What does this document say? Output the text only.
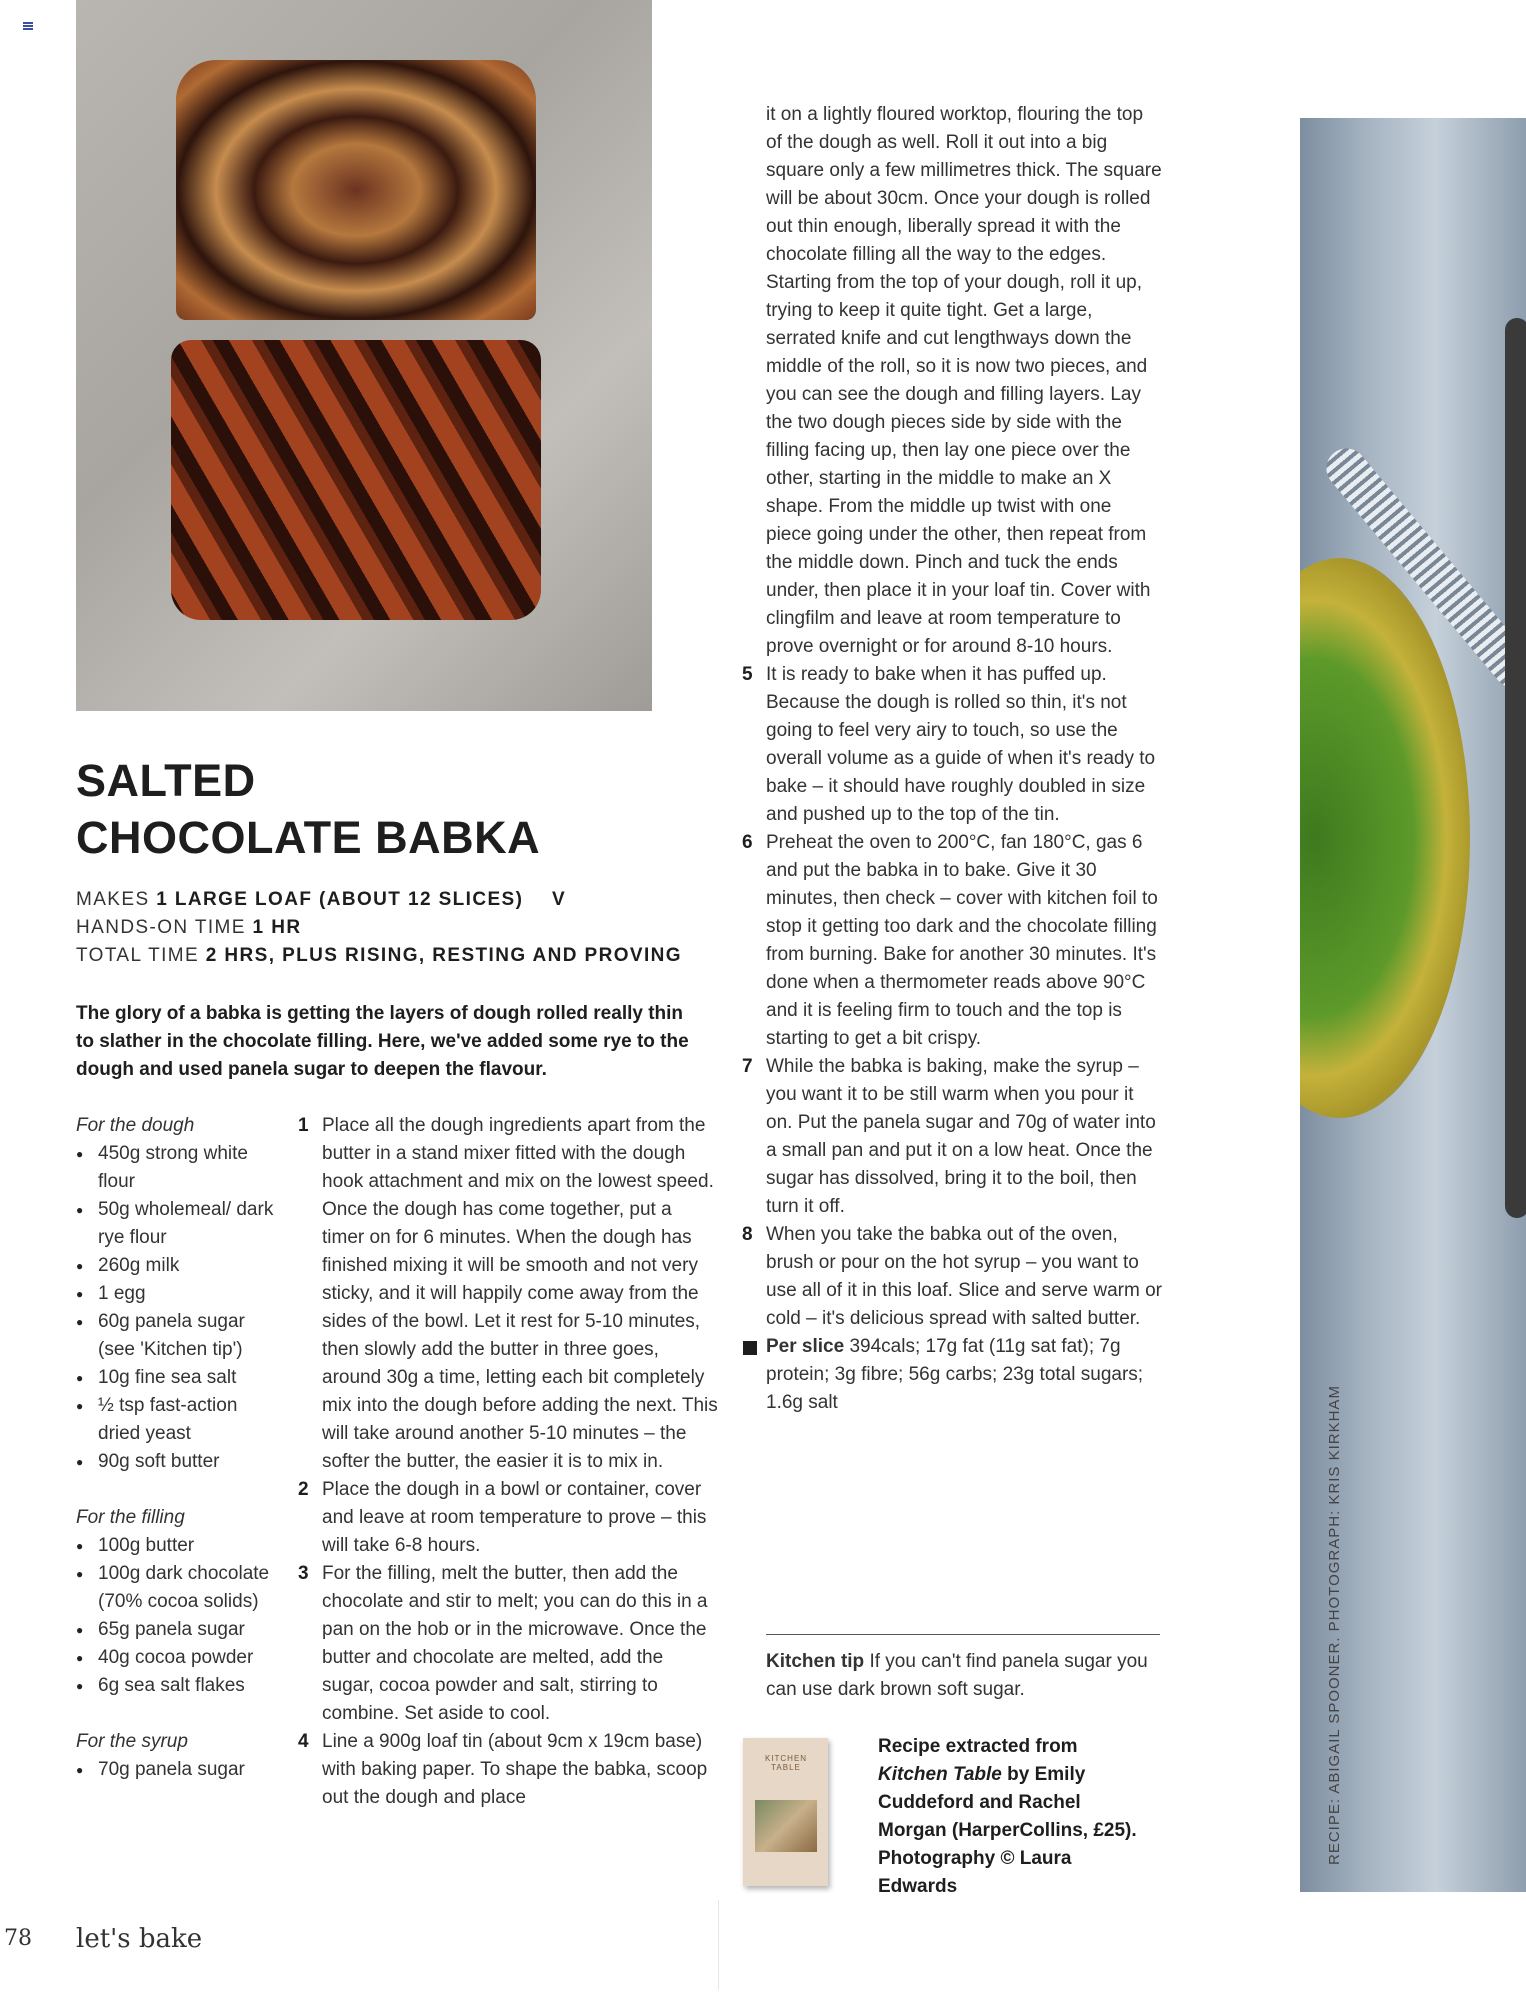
RECIPE: ABIGAIL SPOONER. PHOTOGRAPH: KRIS KIRKHAM
SALTED
CHOCOLATE BABKA
MAKES 1 LARGE LOAF (ABOUT 12 SLICES) V
HANDS-ON TIME 1 HR
TOTAL TIME 2 HRS, PLUS RISING, RESTING AND PROVING
The glory of a babka is getting the layers of dough rolled really thin to slather in the chocolate filling. Here, we've added some rye to the dough and used panela sugar to deepen the flavour.
For the dough
● 450g strong white flour
● 50g wholemeal/ dark rye flour
● 260g milk
● 1 egg
● 60g panela sugar (see 'Kitchen tip')
● 10g fine sea salt
● ½ tsp fast-action dried yeast
● 90g soft butter
For the filling
● 100g butter
● 100g dark chocolate (70% cocoa solids)
● 65g panela sugar
● 40g cocoa powder
● 6g sea salt flakes
For the syrup
● 70g panela sugar
1 Place all the dough ingredients apart from the butter in a stand mixer fitted with the dough hook attachment and mix on the lowest speed. Once the dough has come together, put a timer on for 6 minutes. When the dough has finished mixing it will be smooth and not very sticky, and it will happily come away from the sides of the bowl. Let it rest for 5-10 minutes, then slowly add the butter in three goes, around 30g a time, letting each bit completely mix into the dough before adding the next. This will take around another 5-10 minutes – the softer the butter, the easier it is to mix in.
2 Place the dough in a bowl or container, cover and leave at room temperature to prove – this will take 6-8 hours.
3 For the filling, melt the butter, then add the chocolate and stir to melt; you can do this in a pan on the hob or in the microwave. Once the butter and chocolate are melted, add the sugar, cocoa powder and salt, stirring to combine. Set aside to cool.
4 Line a 900g loaf tin (about 9cm x 19cm base) with baking paper. To shape the babka, scoop out the dough and place
it on a lightly floured worktop, flouring the top of the dough as well. Roll it out into a big square only a few millimetres thick. The square will be about 30cm. Once your dough is rolled out thin enough, liberally spread it with the chocolate filling all the way to the edges. Starting from the top of your dough, roll it up, trying to keep it quite tight. Get a large, serrated knife and cut lengthways down the middle of the roll, so it is now two pieces, and you can see the dough and filling layers. Lay the two dough pieces side by side with the filling facing up, then lay one piece over the other, starting in the middle to make an X shape. From the middle up twist with one piece going under the other, then repeat from the middle down. Pinch and tuck the ends under, then place it in your loaf tin. Cover with clingfilm and leave at room temperature to prove overnight or for around 8-10 hours.
5 It is ready to bake when it has puffed up. Because the dough is rolled so thin, it's not going to feel very airy to touch, so use the overall volume as a guide of when it's ready to bake – it should have roughly doubled in size and pushed up to the top of the tin.
6 Preheat the oven to 200°C, fan 180°C, gas 6 and put the babka in to bake. Give it 30 minutes, then check – cover with kitchen foil to stop it getting too dark and the chocolate filling from burning. Bake for another 30 minutes. It's done when a thermometer reads above 90°C and it is feeling firm to touch and the top is starting to get a bit crispy.
7 While the babka is baking, make the syrup – you want it to be still warm when you pour it on. Put the panela sugar and 70g of water into a small pan and put it on a low heat. Once the sugar has dissolved, bring it to the boil, then turn it off.
8 When you take the babka out of the oven, brush or pour on the hot syrup – you want to use all of it in this loaf. Slice and serve warm or cold – it's delicious spread with salted butter.
Per slice 394cals; 17g fat (11g sat fat); 7g protein; 3g fibre; 56g carbs; 23g total sugars; 1.6g salt
Kitchen tip If you can't find panela sugar you can use dark brown soft sugar.
KITCHEN TABLE
Recipe extracted from Kitchen Table by Emily Cuddeford and Rachel Morgan (HarperCollins, £25). Photography © Laura Edwards
78 let's bake
